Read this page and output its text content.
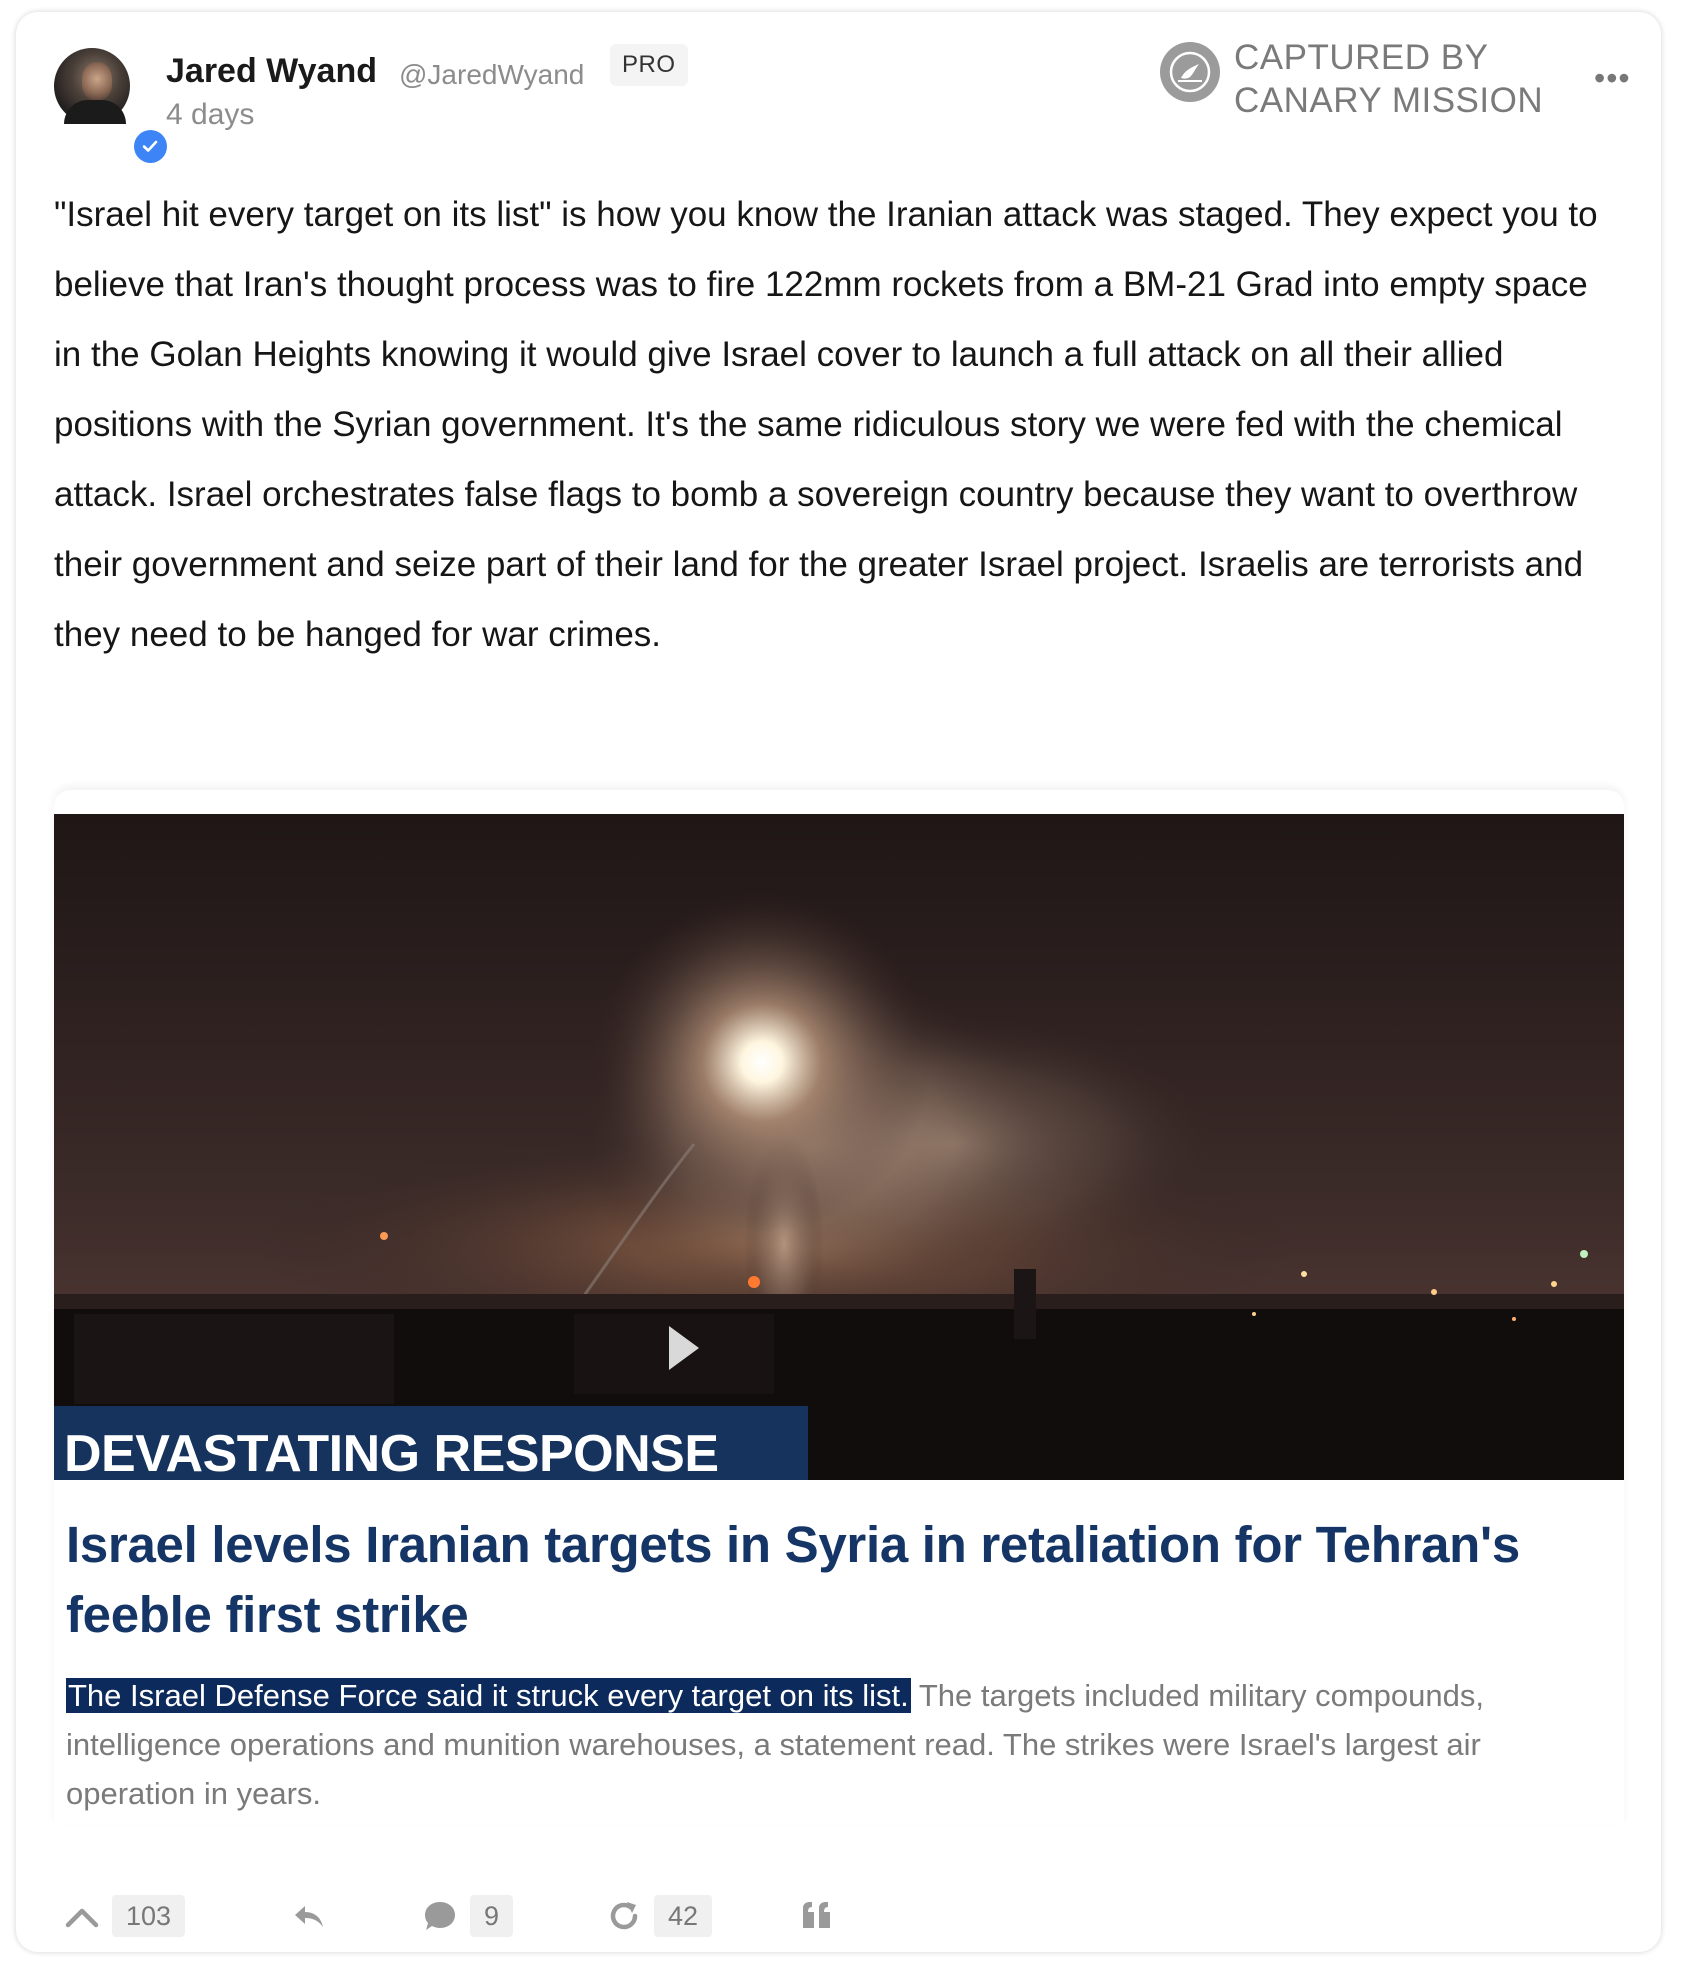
Jared Wyand @JaredWyand	PRO
4 days
CAPTURED BY
CANARY MISSION
•••
"Israel hit every target on its list" is how you know the Iranian attack was staged. They expect you to believe that Iran's thought process was to fire 122mm rockets from a BM-21 Grad into empty space in the Golan Heights knowing it would give Israel cover to launch a full attack on all their allied positions with the Syrian government. It's the same ridiculous story we were fed with the chemical attack. Israel orchestrates false flags to bomb a sovereign country because they want to overthrow their government and seize part of their land for the greater Israel project. Israelis are terrorists and they need to be hanged for war crimes.
DEVASTATING RESPONSE
Israel levels Iranian targets in Syria in retaliation for Tehran's feeble first strike
The Israel Defense Force said it struck every target on its list. The targets included military compounds, intelligence operations and munition warehouses, a statement read. The strikes were Israel's largest air operation in years.
103	9	42
